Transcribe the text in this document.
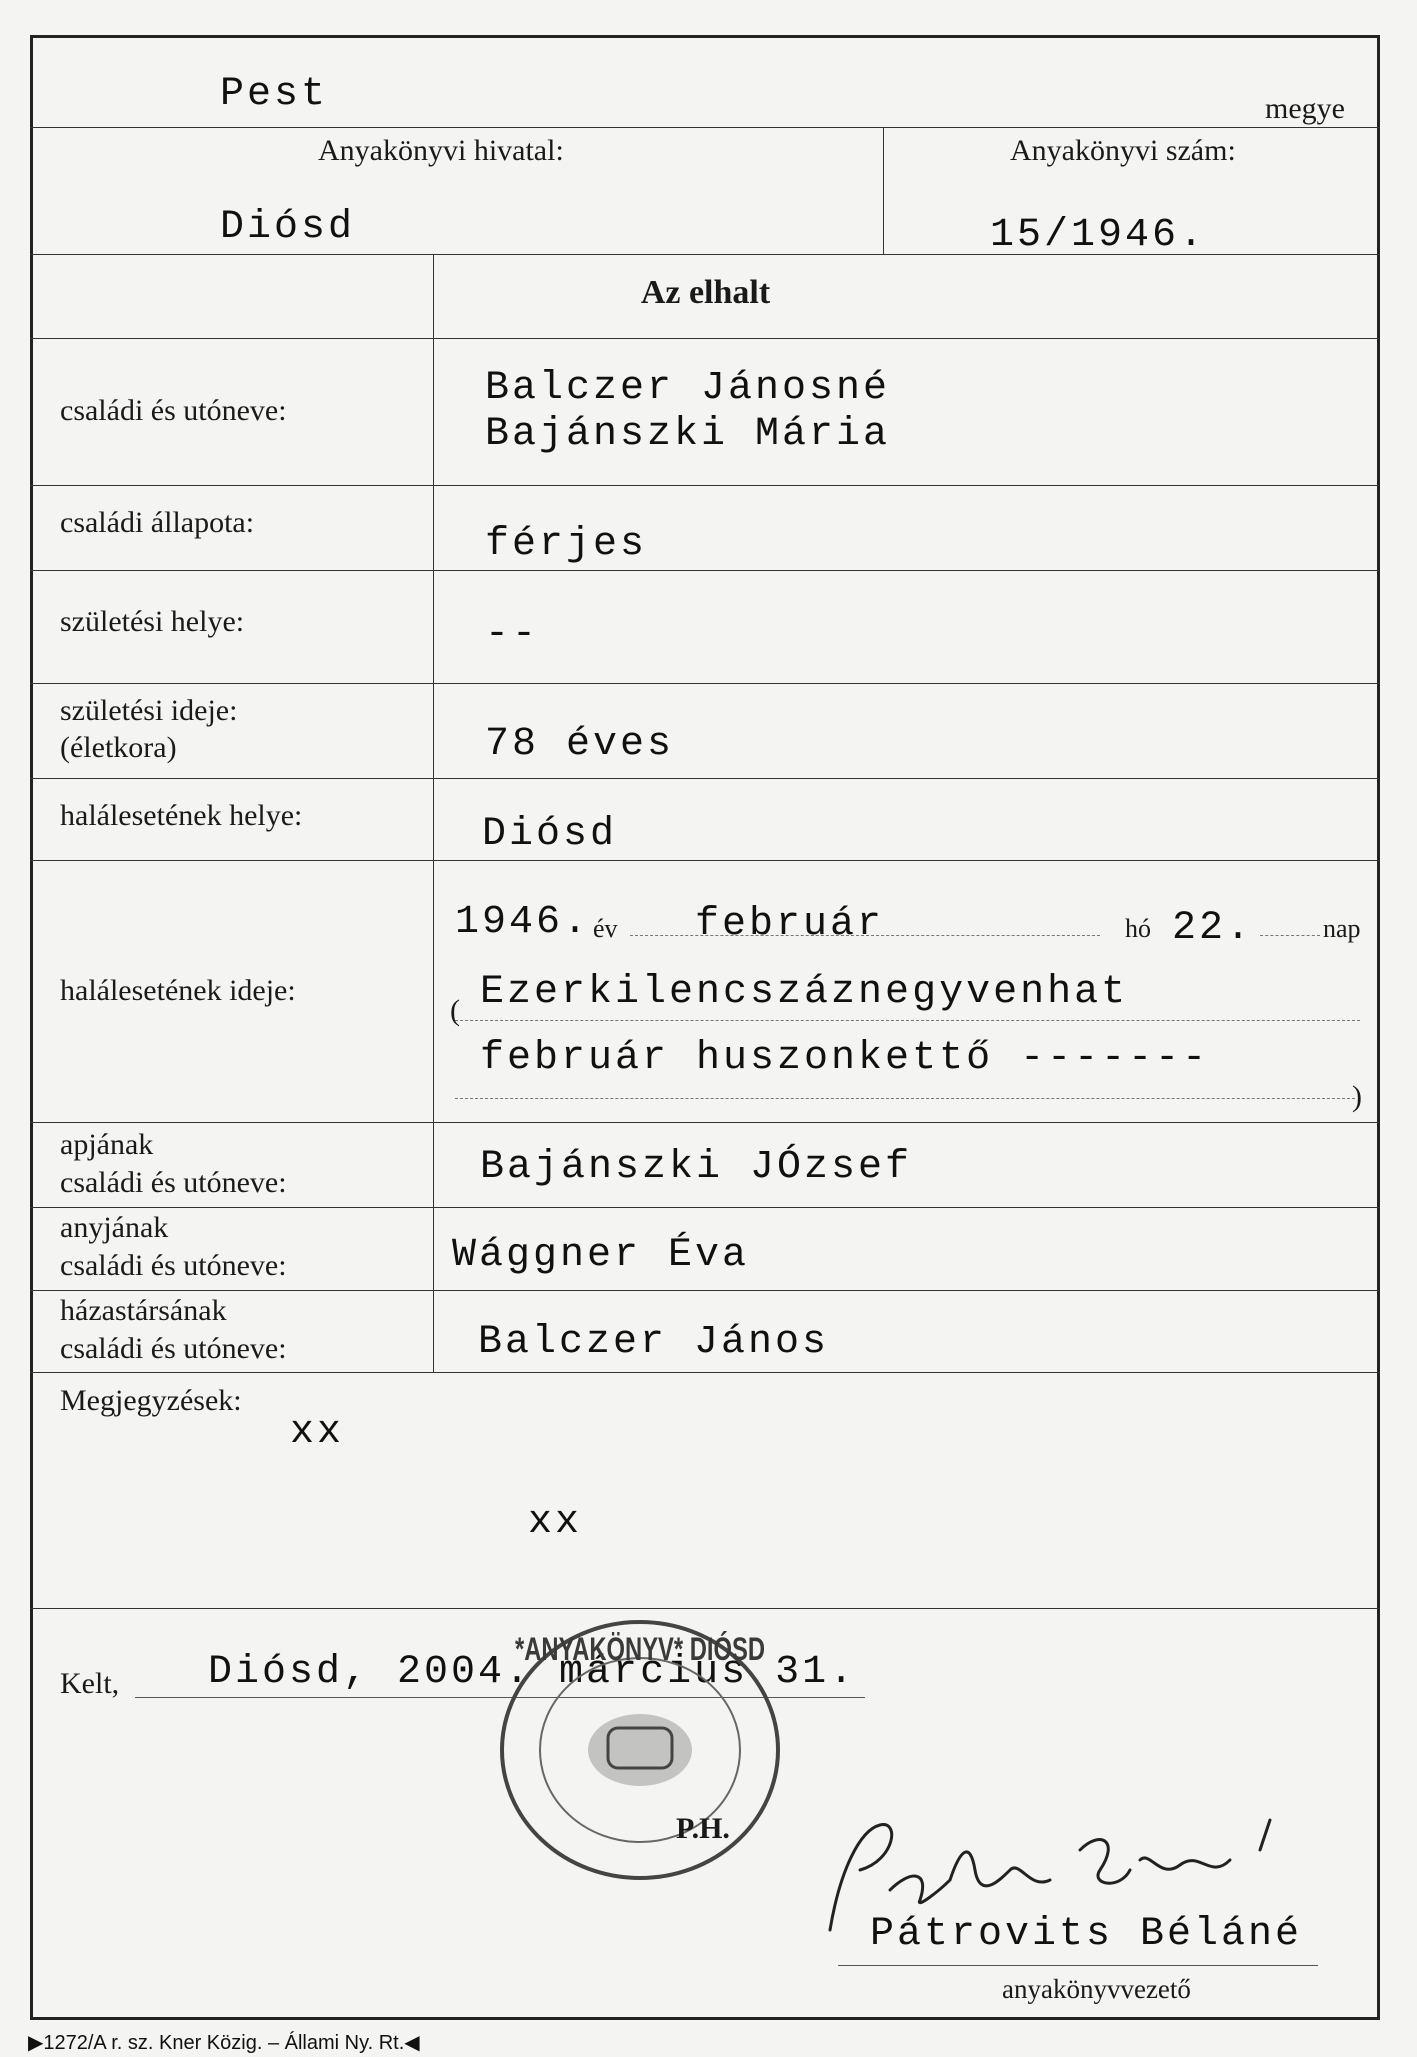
Pest	megye
Anyakönyvi hivatal:	Anyakönyvi szám:
Diósd	15/1946.
Az elhalt
családi és utóneve:	Balczer Jánosné
Bajánszki Mária
családi állapota:	férjes
születési helye:	--
születési ideje:
(életkora)	78 éves
halálesetének helye:	Diósd
halálesetének ideje:
1946. év február	hó 22.	nap
( Ezerkilencszáznegyvenhat
február huszonkettő -------
)
apjának
családi és utóneve:	Bajánszki JÓzsef
anyjának
családi és utóneve:	Wággner Éva
házastársának
családi és utóneve:	Balczer János
Megjegyzések:
xx
xx
Kelt, Diósd, 2004. március 31.
*ANYAKÖNYV* DIÓSD
P.H.
Pátrovits Béláné
anyakönyvvezető
▶1272/A r. sz. Kner Közig. – Állami Ny. Rt.◀
